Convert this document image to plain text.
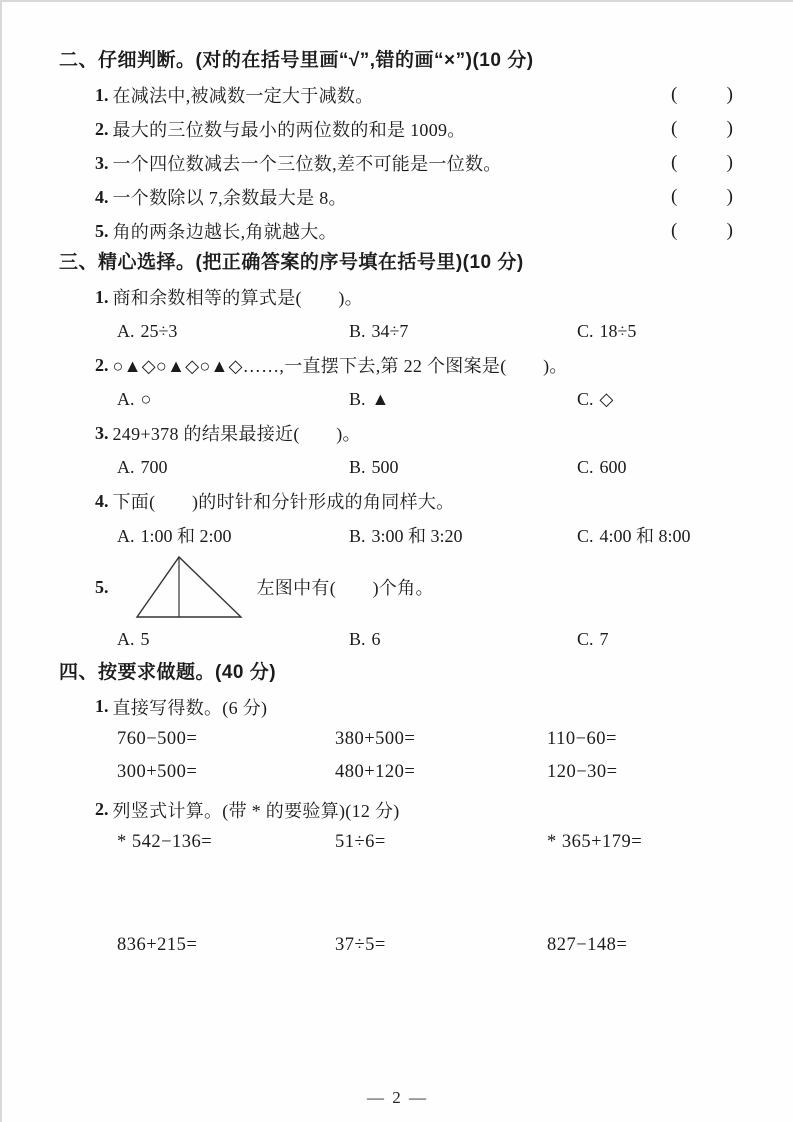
二、仔细判断。(对的在括号里画“√”,错的画“×”)(10 分)
1. 在减法中,被减数一定大于减数。	(	)
2. 最大的三位数与最小的两位数的和是 1009。	(	)
3. 一个四位数减去一个三位数,差不可能是一位数。	(	)
4. 一个数除以 7,余数最大是 8。	(	)
5. 角的两条边越长,角就越大。	(	)
三、精心选择。(把正确答案的序号填在括号里)(10 分)
1. 商和余数相等的算式是(　　)。
A. 25÷3	B. 34÷7	C. 18÷5
2. ○▲◇○▲◇○▲◇……,一直摆下去,第 22 个图案是(　　)。
A. ○	B. ▲	C. ◇
3. 249+378 的结果最接近(　　)。
A. 700	B. 500	C. 600
4. 下面(　　)的时针和分针形成的角同样大。
A. 1:00 和 2:00	B. 3:00 和 3:20	C. 4:00 和 8:00
5.	左图中有(　　)个角。
A. 5	B. 6	C. 7
四、按要求做题。(40 分)
1. 直接写得数。(6 分)
760−500=	380+500=	110−60=
300+500=	480+120=	120−30=
2. 列竖式计算。(带 * 的要验算)(12 分)
* 542−136=	51÷6=	* 365+179=
836+215=	37÷5=	827−148=
— 2 —
